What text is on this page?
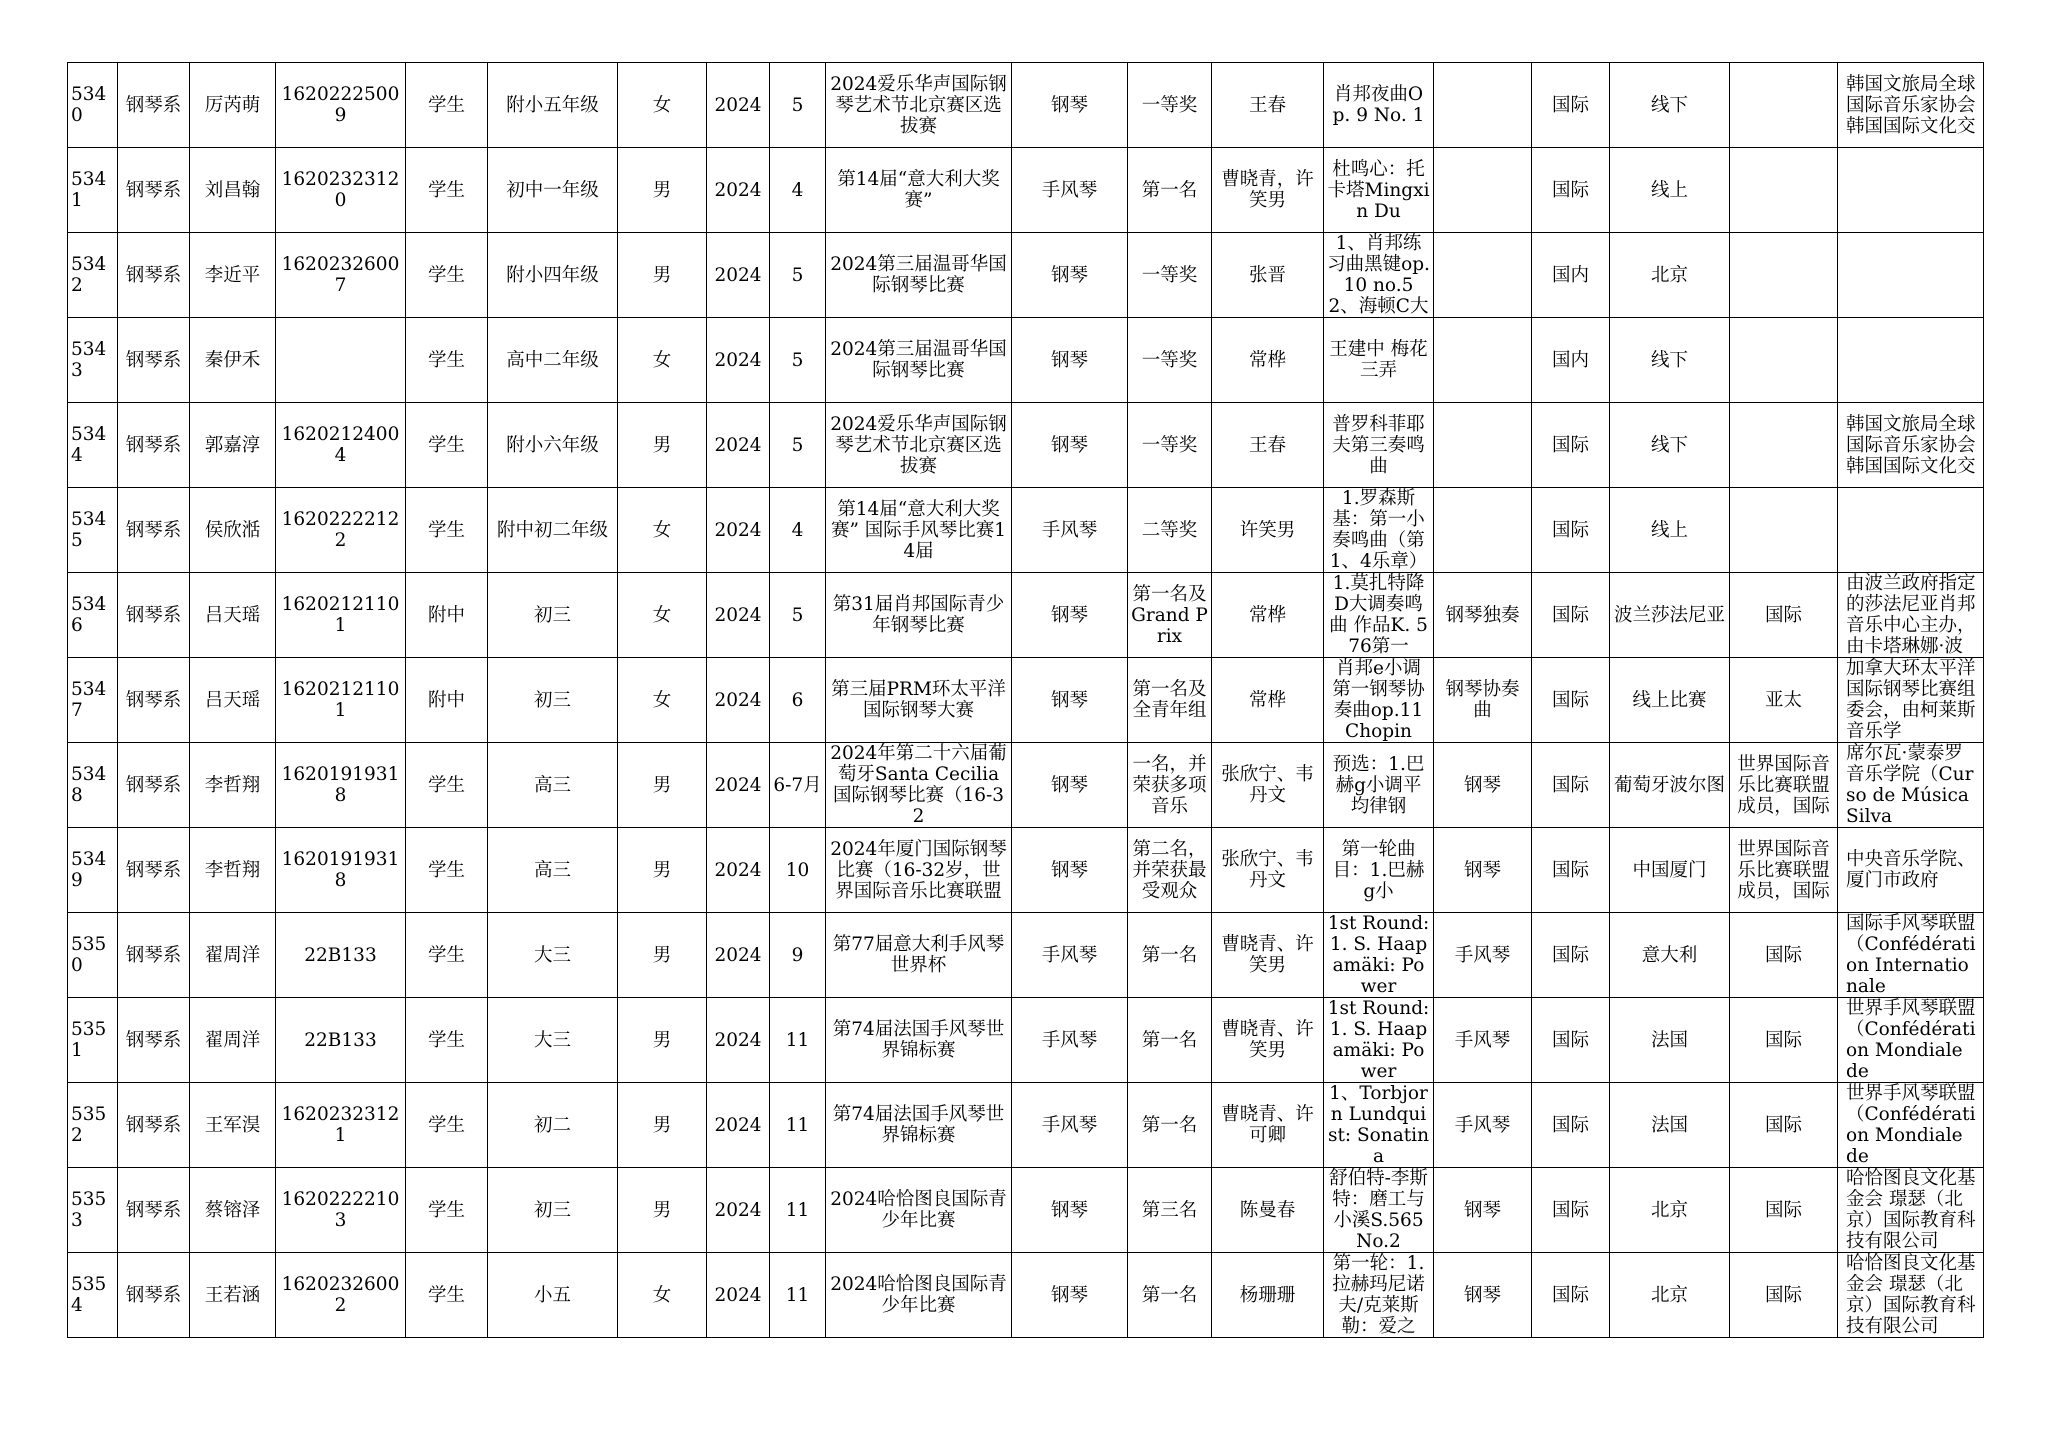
5340	钢琴系	厉芮萌	16202225009	学生	附小五年级	女	2024	5	2024爱乐华声国际钢琴艺术节北京赛区选拔赛	钢琴	一等奖	王春	肖邦夜曲Op. 9 No. 1		国际	线下		韩国文旅局全球国际音乐家协会韩国国际文化交

5341	钢琴系	刘昌翰	16202323120	学生	初中一年级	男	2024	4	第14届“意大利大奖赛”	手风琴	第一名	曹晓青，许笑男	杜鸣心：托卡塔Mingxin Du		国际	线上		

5342	钢琴系	李近平	16202326007	学生	附小四年级	男	2024	5	2024第三届温哥华国际钢琴比赛	钢琴	一等奖	张晋	1、肖邦练习曲黑键op.10 no.5 2、海顿C大		国内	北京		

5343	钢琴系	秦伊禾		学生	高中二年级	女	2024	5	2024第三届温哥华国际钢琴比赛	钢琴	一等奖	常桦	王建中 梅花三弄		国内	线下		

5344	钢琴系	郭嘉淳	16202124004	学生	附小六年级	男	2024	5	2024爱乐华声国际钢琴艺术节北京赛区选拔赛	钢琴	一等奖	王春	普罗科菲耶夫第三奏鸣曲		国际	线下		韩国文旅局全球国际音乐家协会韩国国际文化交

5345	钢琴系	侯欣湉	16202222122	学生	附中初二年级	女	2024	4	第14届“意大利大奖赛” 国际手风琴比赛14届	手风琴	二等奖	许笑男	1.罗森斯基：第一小奏鸣曲（第1、4乐章）		国际	线上		

5346	钢琴系	吕天瑶	16202121101	附中	初三	女	2024	5	第31届肖邦国际青少年钢琴比赛	钢琴	第一名及Grand Prix	常桦	1.莫扎特降D大调奏鸣曲 作品K. 576第一	钢琴独奏	国际	波兰莎法尼亚	国际	由波兰政府指定的莎法尼亚肖邦音乐中心主办，由卡塔琳娜·波

5347	钢琴系	吕天瑶	16202121101	附中	初三	女	2024	6	第三届PRM环太平洋国际钢琴大赛	钢琴	第一名及全青年组	常桦	肖邦e小调第一钢琴协奏曲op.11 Chopin	钢琴协奏曲	国际	线上比赛	亚太	加拿大环太平洋国际钢琴比赛组委会，由柯莱斯音乐学

5348	钢琴系	李哲翔	16201919318	学生	高三	男	2024	6-7月	2024年第二十六届葡萄牙Santa Cecilia国际钢琴比赛（16-32	钢琴	一名，并荣获多项音乐	张欣宁、韦丹文	预选：1.巴赫g小调平均律钢	钢琴	国际	葡萄牙波尔图	世界国际音乐比赛联盟成员，国际	席尔瓦·蒙泰罗音乐学院（Curso de Música Silva

5349	钢琴系	李哲翔	16201919318	学生	高三	男	2024	10	2024年厦门国际钢琴比赛（16-32岁，世界国际音乐比赛联盟	钢琴	第二名，并荣获最受观众	张欣宁、韦丹文	第一轮曲目：1.巴赫g小	钢琴	国际	中国厦门	世界国际音乐比赛联盟成员，国际	中央音乐学院、厦门市政府

5350	钢琴系	翟周洋	22B133	学生	大三	男	2024	9	第77届意大利手风琴世界杯	手风琴	第一名	曹晓青、许笑男	1st Round: 1. S. Haapamäki: Power	手风琴	国际	意大利	国际	国际手风琴联盟（Confédération Internationale

5351	钢琴系	翟周洋	22B133	学生	大三	男	2024	11	第74届法国手风琴世界锦标赛	手风琴	第一名	曹晓青、许笑男	1st Round: 1. S. Haapamäki: Power	手风琴	国际	法国	国际	世界手风琴联盟（Confédération Mondiale de

5352	钢琴系	王军淏	16202323121	学生	初二	男	2024	11	第74届法国手风琴世界锦标赛	手风琴	第一名	曹晓青、许可卿	1、Torbjorn Lundquist: Sonatina	手风琴	国际	法国	国际	世界手风琴联盟（Confédération Mondiale de

5353	钢琴系	蔡镕泽	16202222103	学生	初三	男	2024	11	2024哈恰图良国际青少年比赛	钢琴	第三名	陈曼春	舒伯特-李斯特：磨工与小溪S.565 No.2	钢琴	国际	北京	国际	哈恰图良文化基金会 璟瑟（北京）国际教育科技有限公司

5354	钢琴系	王若涵	16202326002	学生	小五	女	2024	11	2024哈恰图良国际青少年比赛	钢琴	第一名	杨珊珊	第一轮：1.拉赫玛尼诺夫/克莱斯勒：爱之	钢琴	国际	北京	国际	哈恰图良文化基金会 璟瑟（北京）国际教育科技有限公司
